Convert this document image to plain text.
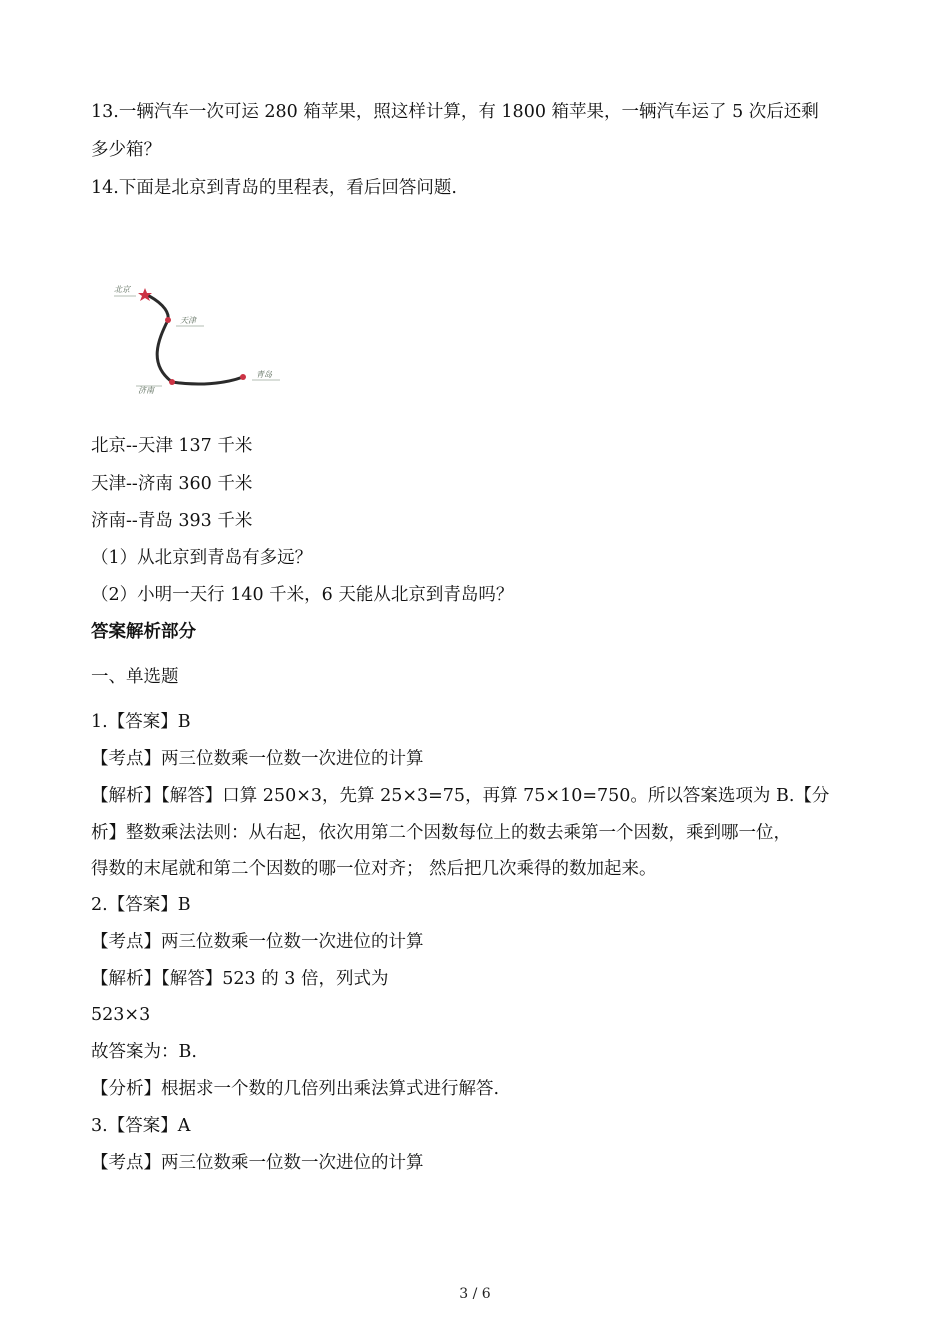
13.一辆汽车一次可运 280 箱苹果，照这样计算，有 1800 箱苹果，一辆汽车运了 5 次后还剩
多少箱？
14.下面是北京到青岛的里程表，看后回答问题.
北京
天津
济南
青岛
北京--天津 137 千米
天津--济南 360 千米
济南--青岛 393 千米
（1）从北京到青岛有多远？
（2）小明一天行 140 千米，6 天能从北京到青岛吗？
答案解析部分
一、单选题
1.【答案】B
【考点】两三位数乘一位数一次进位的计算
【解析】【解答】口算 250×3，先算 25×3=75，再算 75×10=750。所以答案选项为 B.【分
析】整数乘法法则：从右起，依次用第二个因数每位上的数去乘第一个因数，乘到哪一位，
得数的末尾就和第二个因数的哪一位对齐； 然后把几次乘得的数加起来。
2.【答案】B
【考点】两三位数乘一位数一次进位的计算
【解析】【解答】523 的 3 倍，列式为
523×3
故答案为：B.
【分析】根据求一个数的几倍列出乘法算式进行解答.
3.【答案】A
【考点】两三位数乘一位数一次进位的计算
3 / 6
